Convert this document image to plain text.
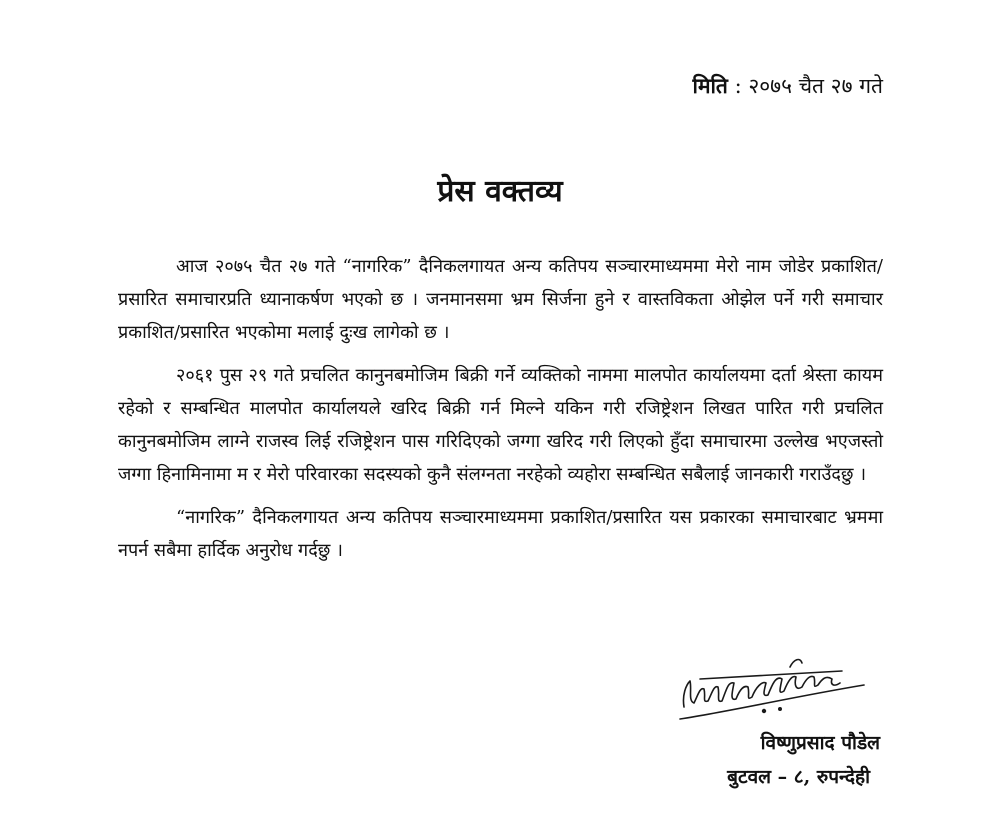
मिति : २०७५ चैत २७ गते
प्रेस वक्तव्य

आज २०७५ चैत २७ गते “नागरिक” दैनिकलगायत अन्य कतिपय सञ्चारमाध्यममा मेरो नाम जोडेर प्रकाशित/प्रसारित समाचारप्रति ध्यानाकर्षण भएको छ । जनमानसमा भ्रम सिर्जना हुने र वास्तविकता ओझेल पर्ने गरी समाचार प्रकाशित/प्रसारित भएकोमा मलाई दुःख लागेको छ ।

२०६१ पुस २९ गते प्रचलित कानुनबमोजिम बिक्री गर्ने व्यक्तिको नाममा मालपोत कार्यालयमा दर्ता श्रेस्ता कायम रहेको र सम्बन्धित मालपोत कार्यालयले खरिद बिक्री गर्न मिल्ने यकिन गरी रजिष्ट्रेशन लिखत पारित गरी प्रचलित कानुनबमोजिम लाग्ने राजस्व लिई रजिष्ट्रेशन पास गरिदिएको जग्गा खरिद गरी लिएको हुँदा समाचारमा उल्लेख भएजस्तो जग्गा हिनामिनामा म र मेरो परिवारका सदस्यको कुनै संलग्नता नरहेको व्यहोरा सम्बन्धित सबैलाई जानकारी गराउँदछु ।

“नागरिक” दैनिकलगायत अन्य कतिपय सञ्चारमाध्यममा प्रकाशित/प्रसारित यस प्रकारका समाचारबाट भ्रममा नपर्न सबैमा हार्दिक अनुरोध गर्दछु ।

विष्णुप्रसाद पौडेल
बुटवल – ८, रुपन्देही
